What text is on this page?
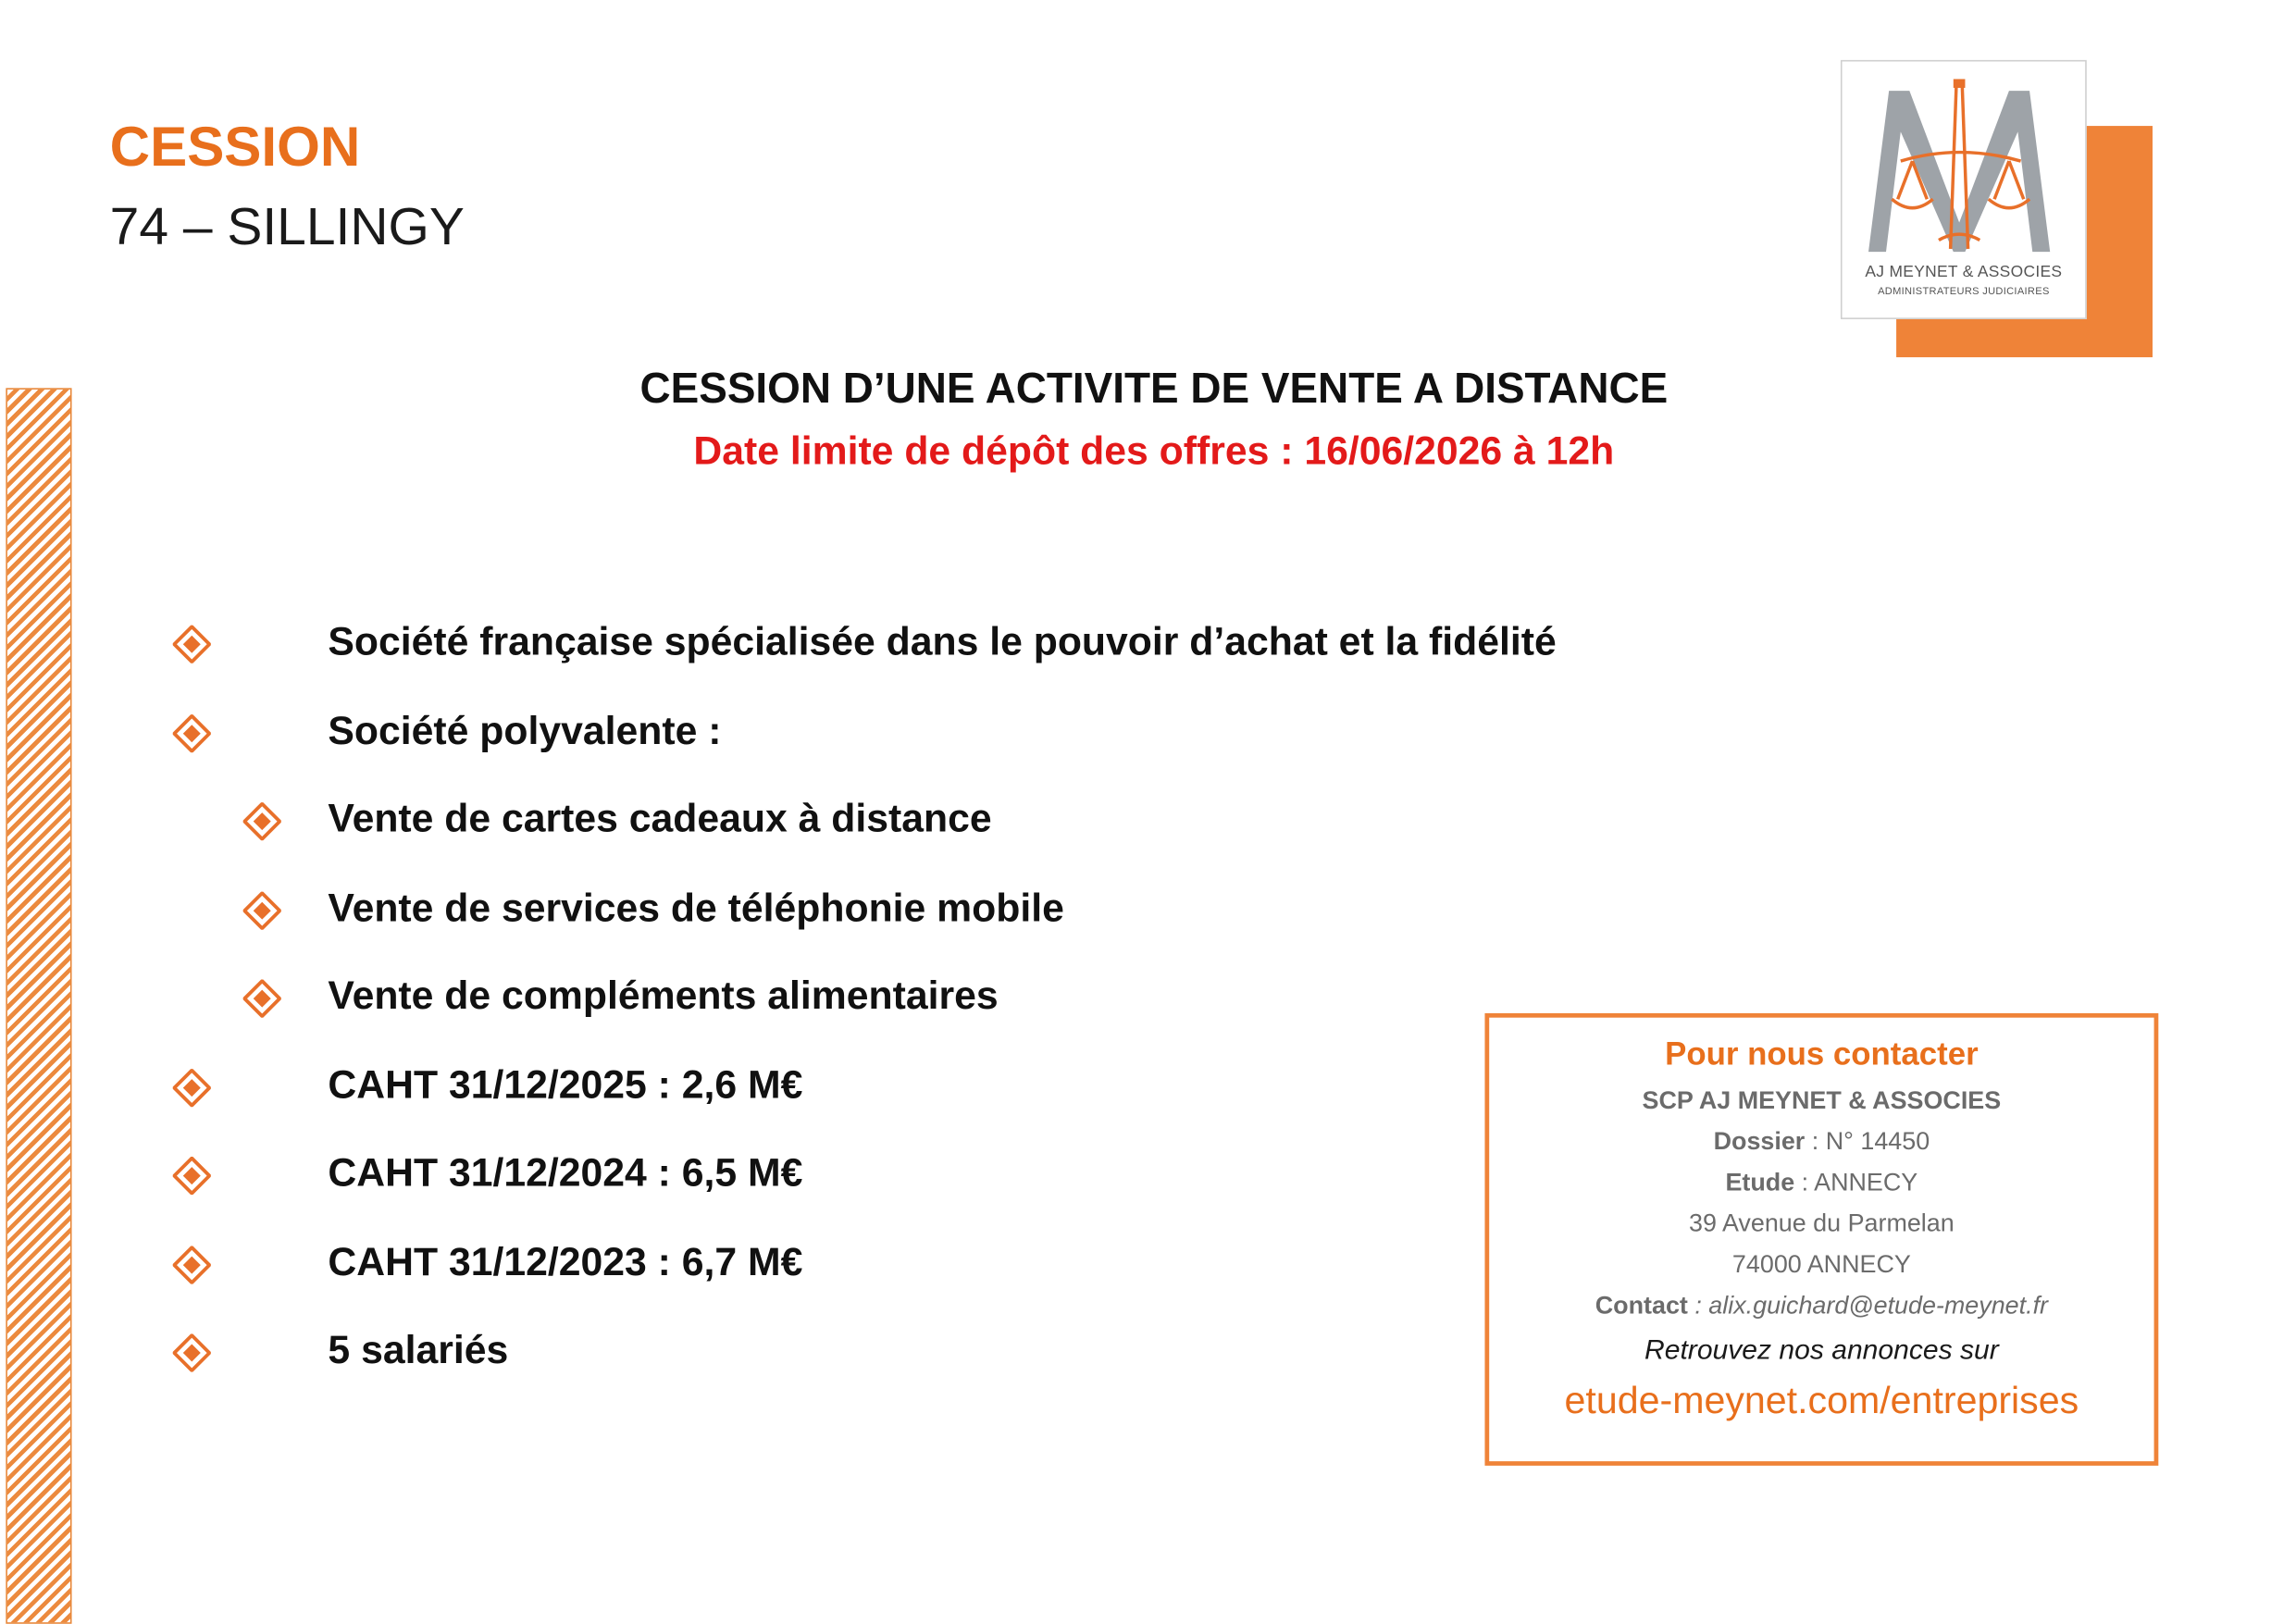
CESSION
74 – SILLINGY
AJ MEYNET & ASSOCIES
ADMINISTRATEURS JUDICIAIRES
CESSION D’UNE ACTIVITE DE VENTE A DISTANCE
Date limite de dépôt des offres : 16/06/2026 à 12h
Société française spécialisée dans le pouvoir d’achat et la fidélité
Société polyvalente :
Vente de cartes cadeaux à distance
Vente de services de téléphonie mobile
Vente de compléments alimentaires
CAHT 31/12/2025 : 2,6 M€
CAHT 31/12/2024 : 6,5 M€
CAHT 31/12/2023 : 6,7 M€
5 salariés
Pour nous contacter
SCP AJ MEYNET & ASSOCIES
Dossier : N° 14450
Etude : ANNECY
39 Avenue du Parmelan
74000 ANNECY
Contact : alix.guichard@etude-meynet.fr
Retrouvez nos annonces sur
etude-meynet.com/entreprises
